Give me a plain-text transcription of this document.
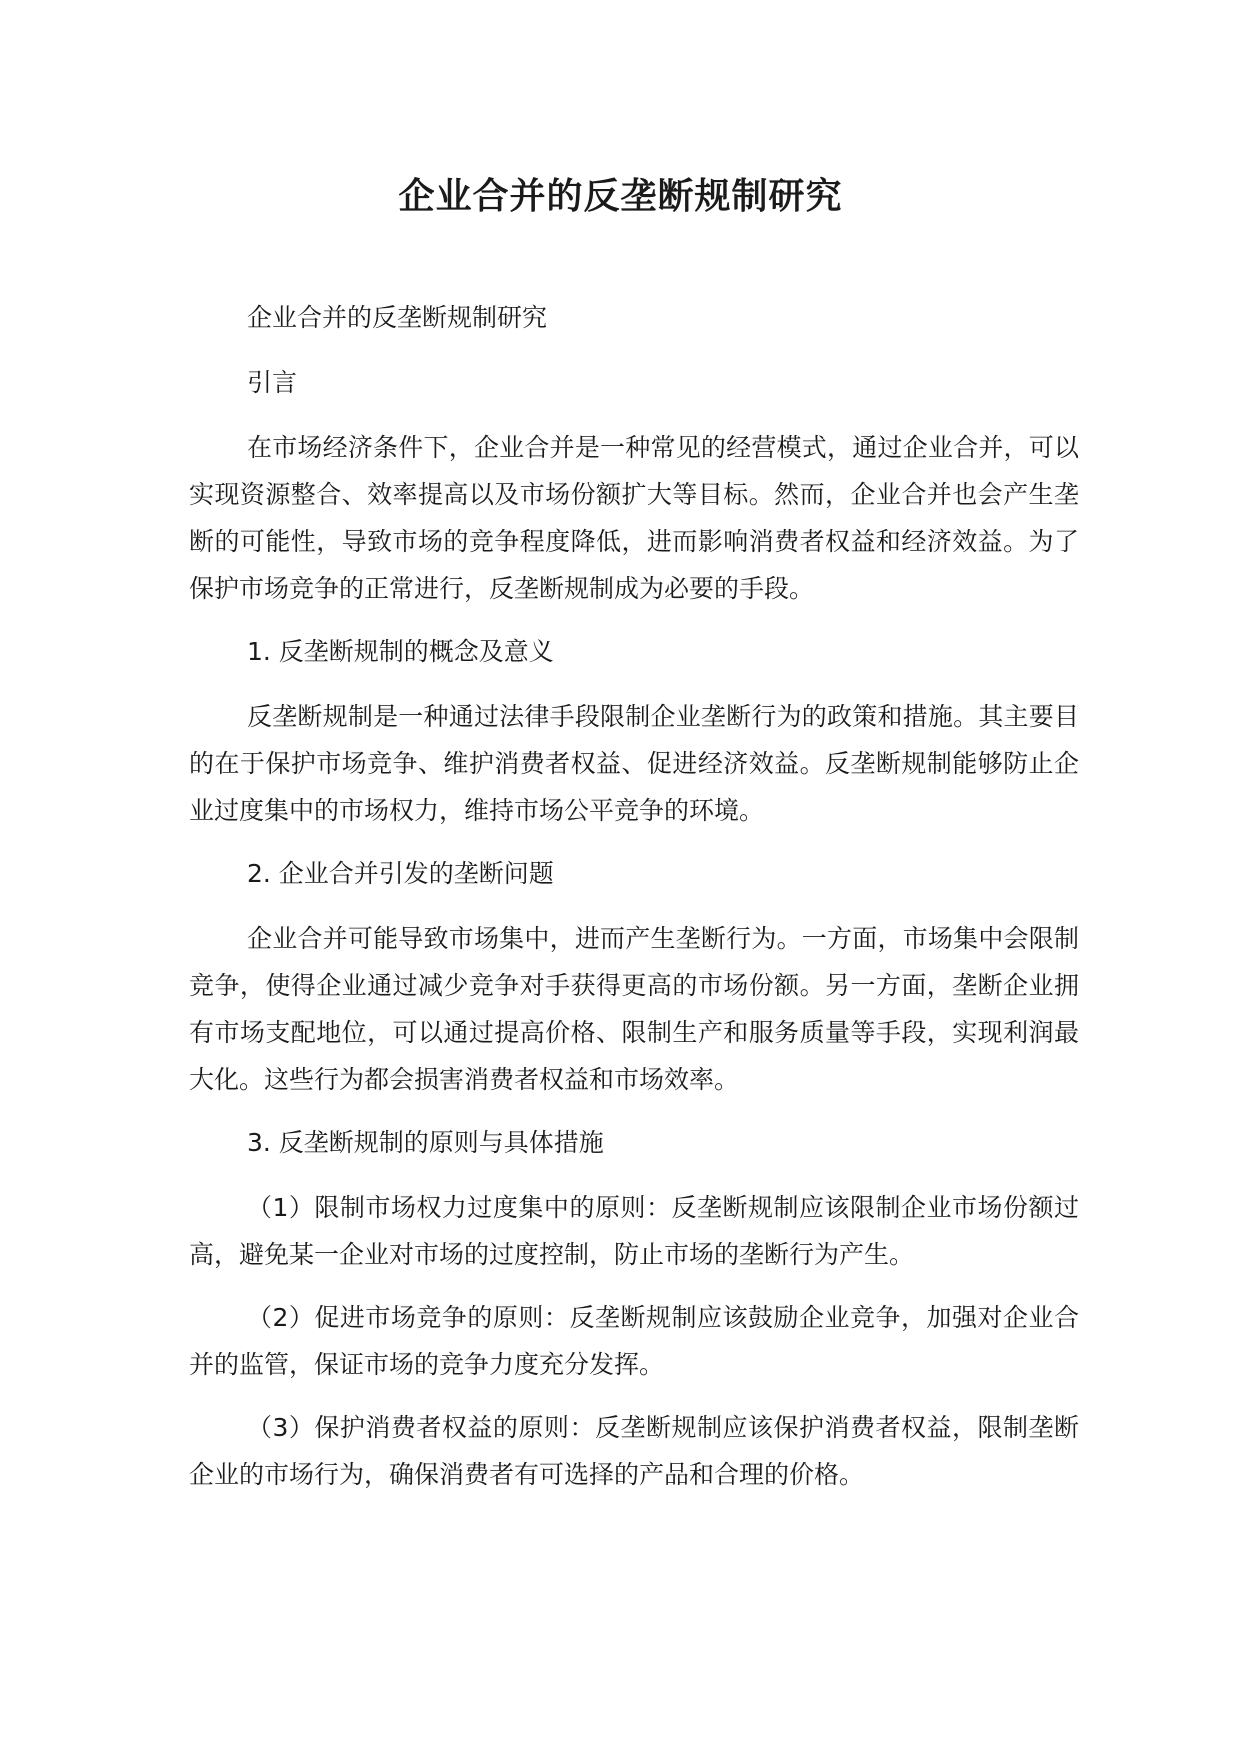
企业合并的反垄断规制研究

企业合并的反垄断规制研究

引言

在市场经济条件下，企业合并是一种常见的经营模式，通过企业合并，可以实现资源整合、效率提高以及市场份额扩大等目标。然而，企业合并也会产生垄断的可能性，导致市场的竞争程度降低，进而影响消费者权益和经济效益。为了保护市场竞争的正常进行，反垄断规制成为必要的手段。

1. 反垄断规制的概念及意义

反垄断规制是一种通过法律手段限制企业垄断行为的政策和措施。其主要目的在于保护市场竞争、维护消费者权益、促进经济效益。反垄断规制能够防止企业过度集中的市场权力，维持市场公平竞争的环境。

2. 企业合并引发的垄断问题

企业合并可能导致市场集中，进而产生垄断行为。一方面，市场集中会限制竞争，使得企业通过减少竞争对手获得更高的市场份额。另一方面，垄断企业拥有市场支配地位，可以通过提高价格、限制生产和服务质量等手段，实现利润最大化。这些行为都会损害消费者权益和市场效率。

3. 反垄断规制的原则与具体措施

（1）限制市场权力过度集中的原则：反垄断规制应该限制企业市场份额过高，避免某一企业对市场的过度控制，防止市场的垄断行为产生。

（2）促进市场竞争的原则：反垄断规制应该鼓励企业竞争，加强对企业合并的监管，保证市场的竞争力度充分发挥。

（3）保护消费者权益的原则：反垄断规制应该保护消费者权益，限制垄断企业的市场行为，确保消费者有可选择的产品和合理的价格。
